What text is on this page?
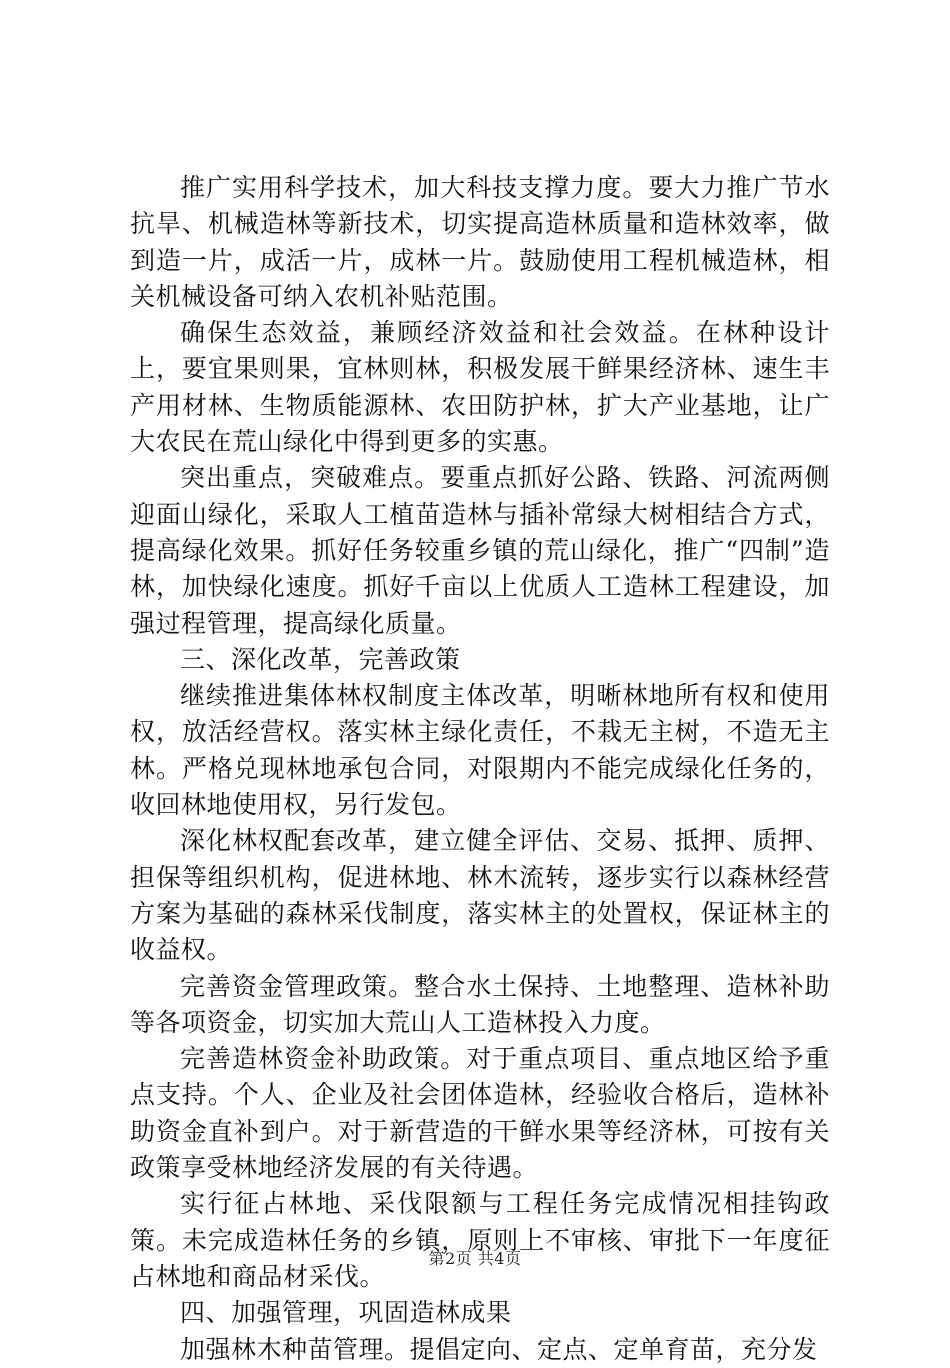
推广实用科学技术，加大科技支撑力度。要大力推广节水抗旱、机械造林等新技术，切实提高造林质量和造林效率，做到造一片，成活一片，成林一片。鼓励使用工程机械造林，相关机械设备可纳入农机补贴范围。

确保生态效益，兼顾经济效益和社会效益。在林种设计上，要宜果则果，宜林则林，积极发展干鲜果经济林、速生丰产用材林、生物质能源林、农田防护林，扩大产业基地，让广大农民在荒山绿化中得到更多的实惠。

突出重点，突破难点。要重点抓好公路、铁路、河流两侧迎面山绿化，采取人工植苗造林与插补常绿大树相结合方式，提高绿化效果。抓好任务较重乡镇的荒山绿化，推广“四制”造林，加快绿化速度。抓好千亩以上优质人工造林工程建设，加强过程管理，提高绿化质量。

三、深化改革，完善政策

继续推进集体林权制度主体改革，明晰林地所有权和使用权，放活经营权。落实林主绿化责任，不栽无主树，不造无主林。严格兑现林地承包合同，对限期内不能完成绿化任务的，收回林地使用权，另行发包。

深化林权配套改革，建立健全评估、交易、抵押、质押、担保等组织机构，促进林地、林木流转，逐步实行以森林经营方案为基础的森林采伐制度，落实林主的处置权，保证林主的收益权。

完善资金管理政策。整合水土保持、土地整理、造林补助等各项资金，切实加大荒山人工造林投入力度。

完善造林资金补助政策。对于重点项目、重点地区给予重点支持。个人、企业及社会团体造林，经验收合格后，造林补助资金直补到户。对于新营造的干鲜水果等经济林，可按有关政策享受林地经济发展的有关待遇。

实行征占林地、采伐限额与工程任务完成情况相挂钩政策。未完成造林任务的乡镇，原则上不审核、审批下一年度征占林地和商品材采伐。

四、加强管理，巩固造林成果

加强林木种苗管理。提倡定向、定点、定单育苗，充分发

第2页 共4页
